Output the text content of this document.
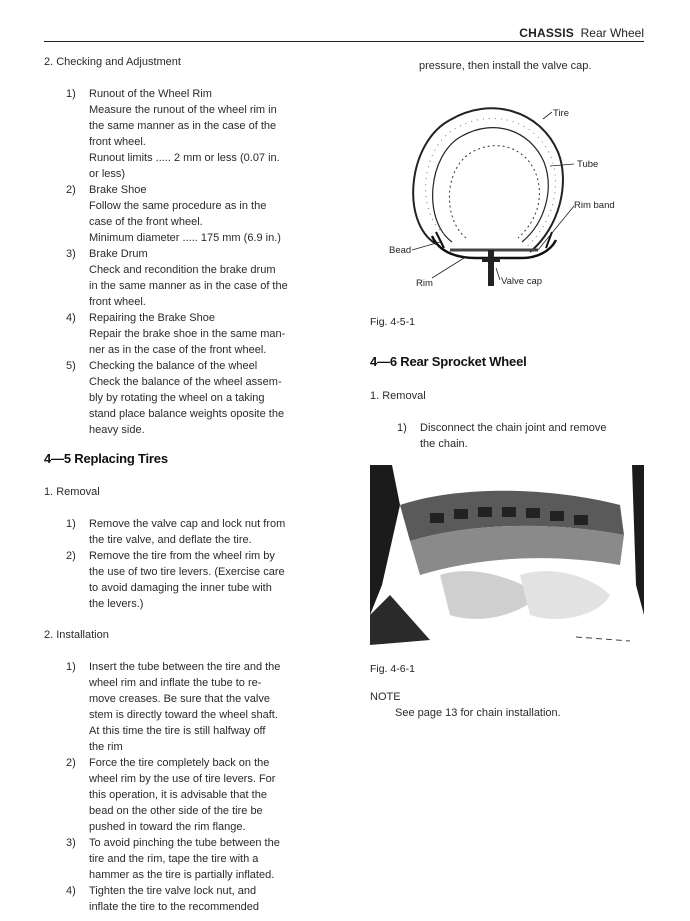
CHASSIS Rear Wheel
2. Checking and Adjustment
1) Runout of the Wheel Rim
Measure the runout of the wheel rim in
the same manner as in the case of the
front wheel.
Runout limits ..... 2 mm or less (0.07 in.
or less)
2) Brake Shoe
Follow the same procedure as in the
case of the front wheel.
Minimum diameter ..... 175 mm (6.9 in.)
3) Brake Drum
Check and recondition the brake drum
in the same manner as in the case of the
front wheel.
4) Repairing the Brake Shoe
Repair the brake shoe in the same man-
ner as in the case of the front wheel.
5) Checking the balance of the wheel
Check the balance of the wheel assem-
bly by rotating the wheel on a taking
stand place balance weights oposite the
heavy side.
4—5 Replacing Tires
1. Removal
1) Remove the valve cap and lock nut from
the tire valve, and deflate the tire.
2) Remove the tire from the wheel rim by
the use of two tire levers. (Exercise care
to avoid damaging the inner tube with
the levers.)
2. Installation
1) Insert the tube between the tire and the
wheel rim and inflate the tube to re-
move creases. Be sure that the valve
stem is directly toward the wheel shaft.
At this time the tire is still halfway off
the rim
2) Force the tire completely back on the
wheel rim by the use of tire levers. For
this operation, it is advisable that the
bead on the other side of the tire be
pushed in toward the rim flange.
3) To avoid pinching the tube between the
tire and the rim, tape the tire with a
hammer as the tire is partially inflated.
4) Tighten the tire valve lock nut, and
inflate the tire to the recommended
pressure, then install the valve cap.
Tire
Tube
Rim band
Bead
Rim	Valve cap
Fig. 4-5-1
4—6 Rear Sprocket Wheel
1. Removal
1) Disconnect the chain joint and remove
the chain.
Fig. 4-6-1
NOTE
See page 13 for chain installation.
